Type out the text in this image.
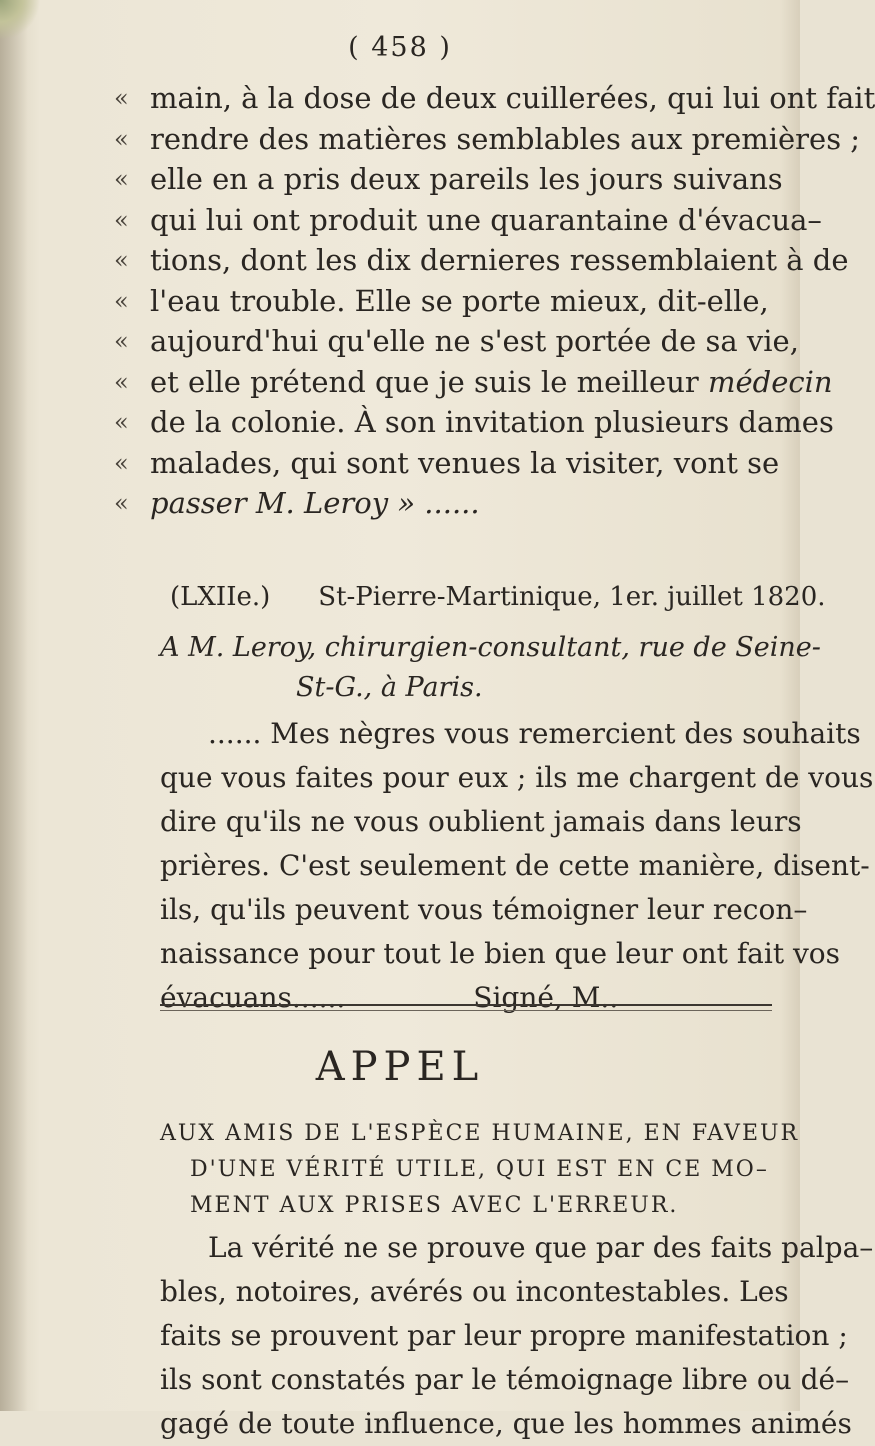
( 458 )
« main, à la dose de deux cuillerées, qui lui ont fait
« rendre des matières semblables aux premières ;
« elle en a pris deux pareils les jours suivans
« qui lui ont produit une quarantaine d'évacua–
« tions, dont les dix dernieres ressemblaient à de
« l'eau trouble. Elle se porte mieux, dit-elle,
« aujourd'hui qu'elle ne s'est portée de sa vie,
« et elle prétend que je suis le meilleur médecin
« de la colonie. À son invitation plusieurs dames
« malades, qui sont venues la visiter, vont se
« passer M. Leroy » ......
(LXIIe.) St-Pierre-Martinique, 1er. juillet 1820.
A M. Leroy, chirurgien-consultant, rue de Seine-
St-G., à Paris.
...... Mes nègres vous remercient des souhaits
que vous faites pour eux ; ils me chargent de vous
dire qu'ils ne vous oublient jamais dans leurs
prières. C'est seulement de cette manière, disent-
ils, qu'ils peuvent vous témoigner leur recon–
naissance pour tout le bien que leur ont fait vos
évacuans......	Signé, M..
APPEL
AUX AMIS DE L'ESPÈCE HUMAINE, EN FAVEUR
D'UNE VÉRITÉ UTILE, QUI EST EN CE MO–
MENT AUX PRISES AVEC L'ERREUR.
La vérité ne se prouve que par des faits palpa–
bles, notoires, avérés ou incontestables. Les
faits se prouvent par leur propre manifestation ;
ils sont constatés par le témoignage libre ou dé–
gagé de toute influence, que les hommes animés
